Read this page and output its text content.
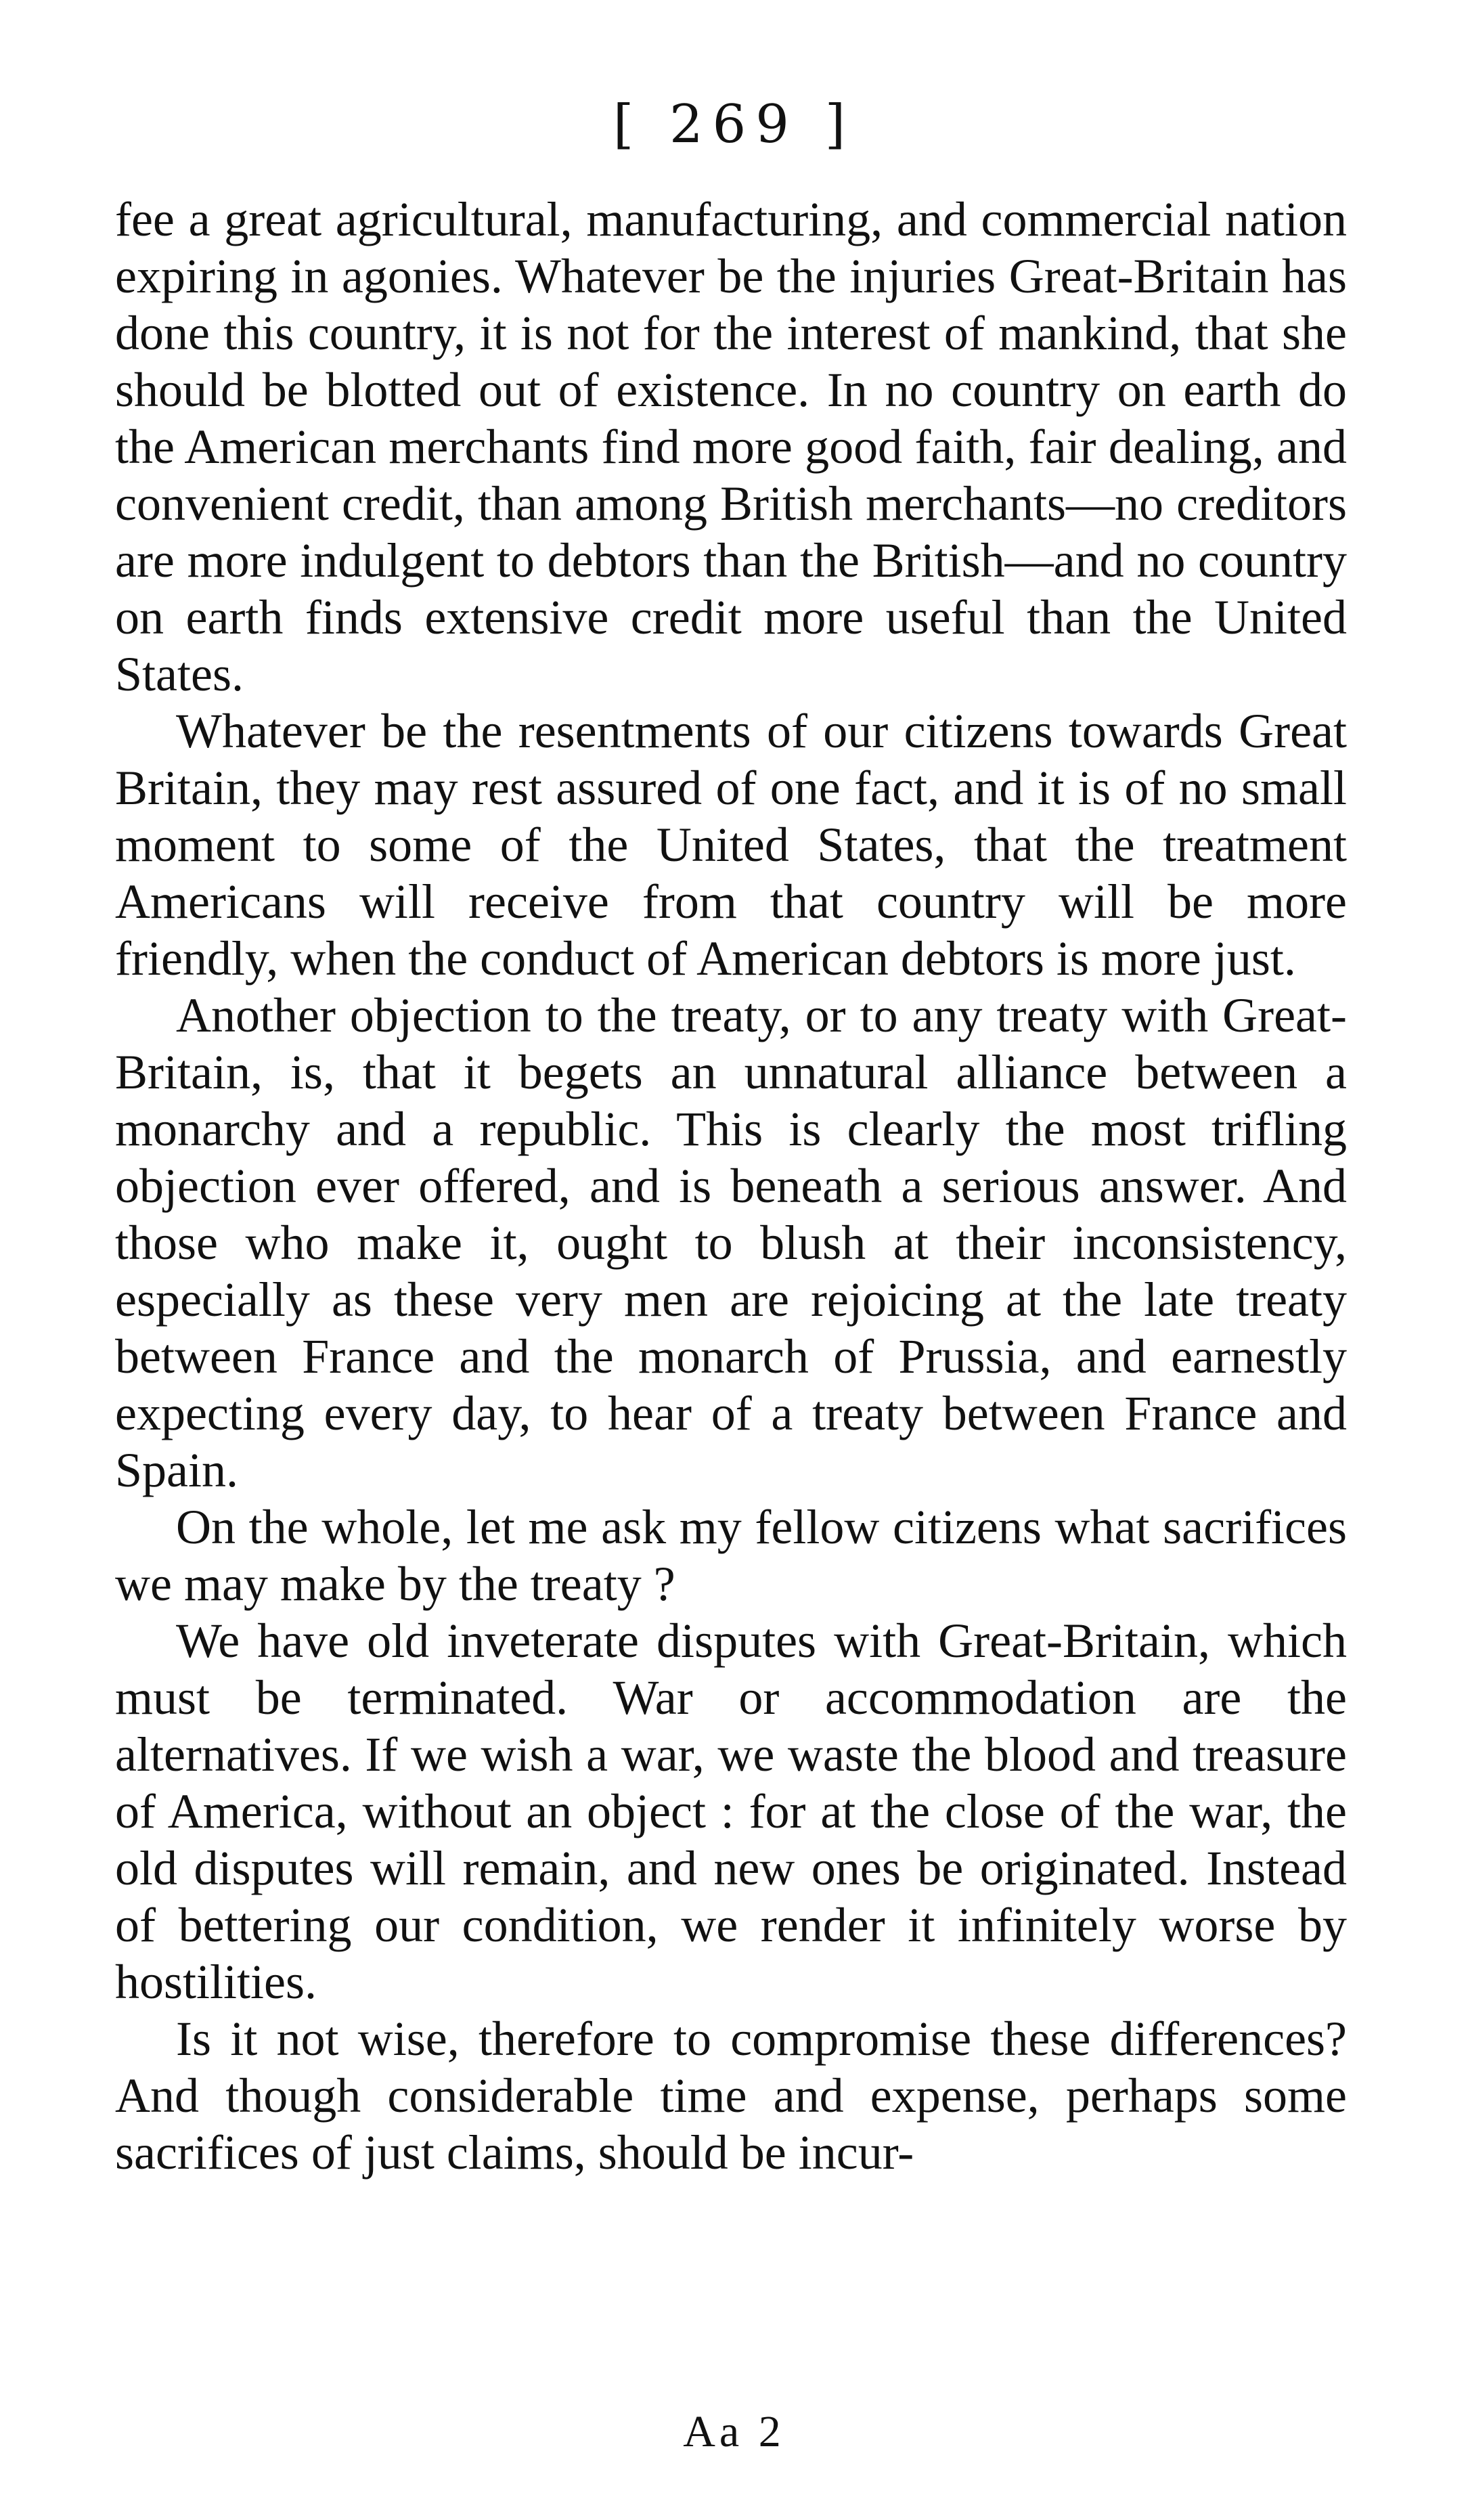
[ 269 ]

fee a great agricultural, manufacturing, and commercial nation expiring in agonies. Whatever be the injuries Great-Britain has done this country, it is not for the interest of mankind, that she should be blotted out of existence. In no country on earth do the American merchants find more good faith, fair dealing, and convenient credit, than among British merchants—no creditors are more indulgent to debtors than the British—and no country on earth finds extensive credit more useful than the United States.

Whatever be the resentments of our citizens towards Great Britain, they may rest assured of one fact, and it is of no small moment to some of the United States, that the treatment Americans will receive from that country will be more friendly, when the conduct of American debtors is more just.

Another objection to the treaty, or to any treaty with Great-Britain, is, that it begets an unnatural alliance between a monarchy and a republic. This is clearly the most trifling objection ever offered, and is beneath a serious answer. And those who make it, ought to blush at their inconsistency, especially as these very men are rejoicing at the late treaty between France and the monarch of Prussia, and earnestly expecting every day, to hear of a treaty between France and Spain.

On the whole, let me ask my fellow citizens what sacrifices we may make by the treaty ?

We have old inveterate disputes with Great-Britain, which must be terminated. War or accommodation are the alternatives. If we wish a war, we waste the blood and treasure of America, without an object : for at the close of the war, the old disputes will remain, and new ones be originated. Instead of bettering our condition, we render it infinitely worse by hostilities.

Is it not wise, therefore to compromise these differences? And though considerable time and expense, perhaps some sacrifices of just claims, should be incur-

Aa 2
